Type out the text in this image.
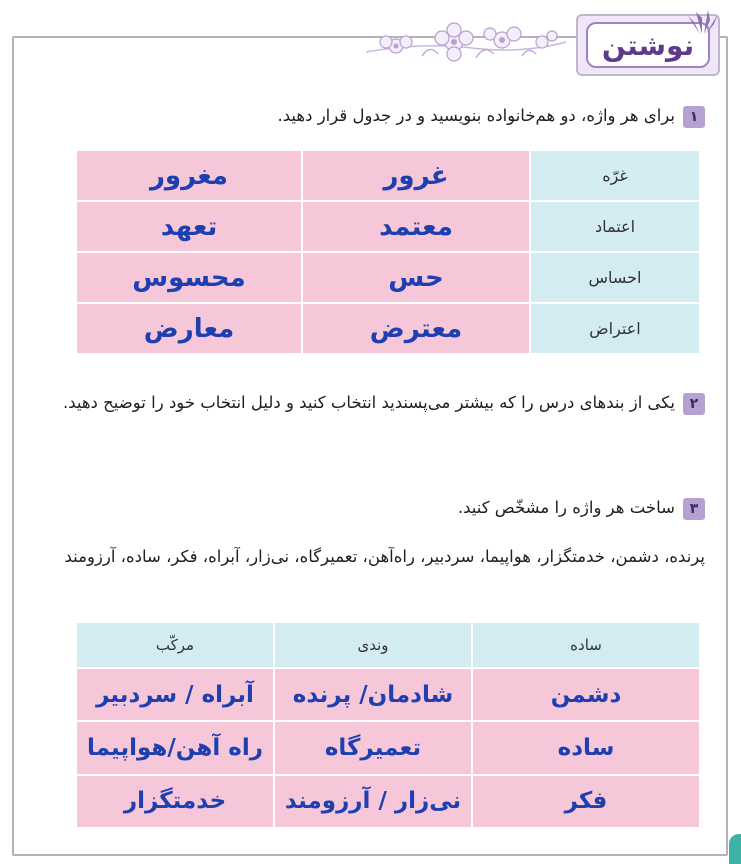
نوشتن
۱برای هر واژه، دو هم‌خانواده بنویسید و در جدول قرار دهید.
غرّه	غرور	مغرور
اعتماد	معتمد	تعهد
احساس	حس	محسوس
اعتراض	معترض	معارض
۲یکی از بندهای درس را که بیشتر می‌پسندید انتخاب کنید و دلیل انتخاب خود را توضیح دهید.
۳ساخت هر واژه را مشخّص کنید.
پرنده، دشمن، خدمتگزار، هواپیما، سردبیر، راه‌آهن، تعمیرگاه، نی‌زار، آبراه، فکر، ساده، آرزومند
ساده	وندی	مرکّب
دشمن	شادمان/ پرنده	آبراه / سردبیر
ساده	تعمیرگاه	راه آهن/هواپیما
فکر	نی‌زار / آرزومند	خدمتگزار
